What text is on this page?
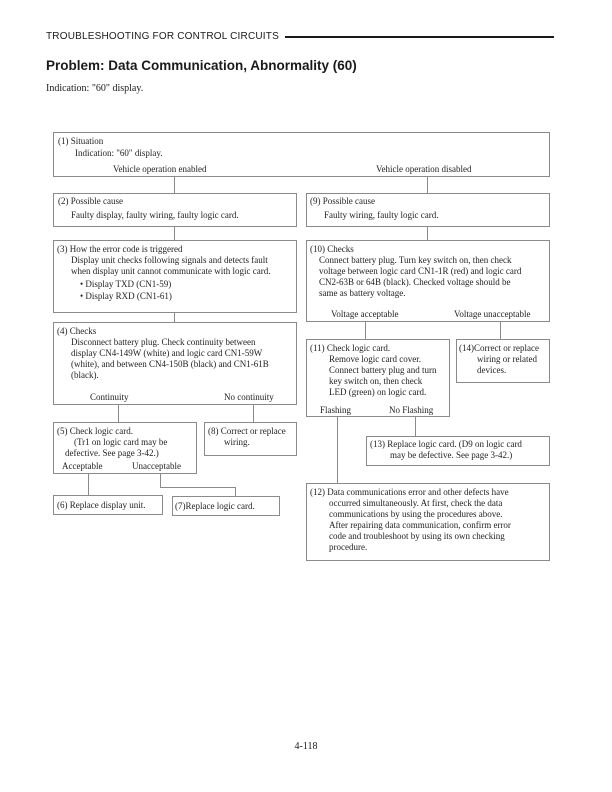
TROUBLESHOOTING FOR CONTROL CIRCUITS
Problem: Data Communication, Abnormality (60)
Indication: "60" display.
(1) Situation
Indication: "60" display.
Vehicle operation enabled	Vehicle operation disabled
(2) Possible cause
Faulty display, faulty wiring, faulty logic card.
(9) Possible cause
Faulty wiring, faulty logic card.
(3) How the error code is triggered
Display unit checks following signals and detects fault
when display unit cannot communicate with logic card.
• Display TXD (CN1-59)
• Display RXD (CN1-61)
(10) Checks
Connect battery plug. Turn key switch on, then check
voltage between logic card CN1-1R (red) and logic card
CN2-63B or 64B (black). Checked voltage should be
same as battery voltage.
Voltage acceptable	Voltage unacceptable
(4) Checks
Disconnect battery plug. Check continuity between
display CN4-149W (white) and logic card CN1-59W
(white), and between CN4-150B (black) and CN1-61B
(black).
Continuity	No continuity
(11) Check logic card.
Remove logic card cover.
Connect battery plug and turn
key switch on, then check
LED (green) on logic card.
Flashing	No Flashing
(14)Correct or replace
wiring or related
devices.
(5) Check logic card.
(Tr1 on logic card may be
defective. See page 3-42.)
Acceptable	Unacceptable
(8) Correct or replace
wiring.	(13) Replace logic card. (D9 on logic card
may be defective. See page 3-42.)
(12) Data communications error and other defects have
occurred simultaneously. At first, check the data
communications by using the procedures above.
After repairing data communication, confirm error
code and troubleshoot by using its own checking
procedure.
(6) Replace display unit.	(7)Replace logic card.
4-118
